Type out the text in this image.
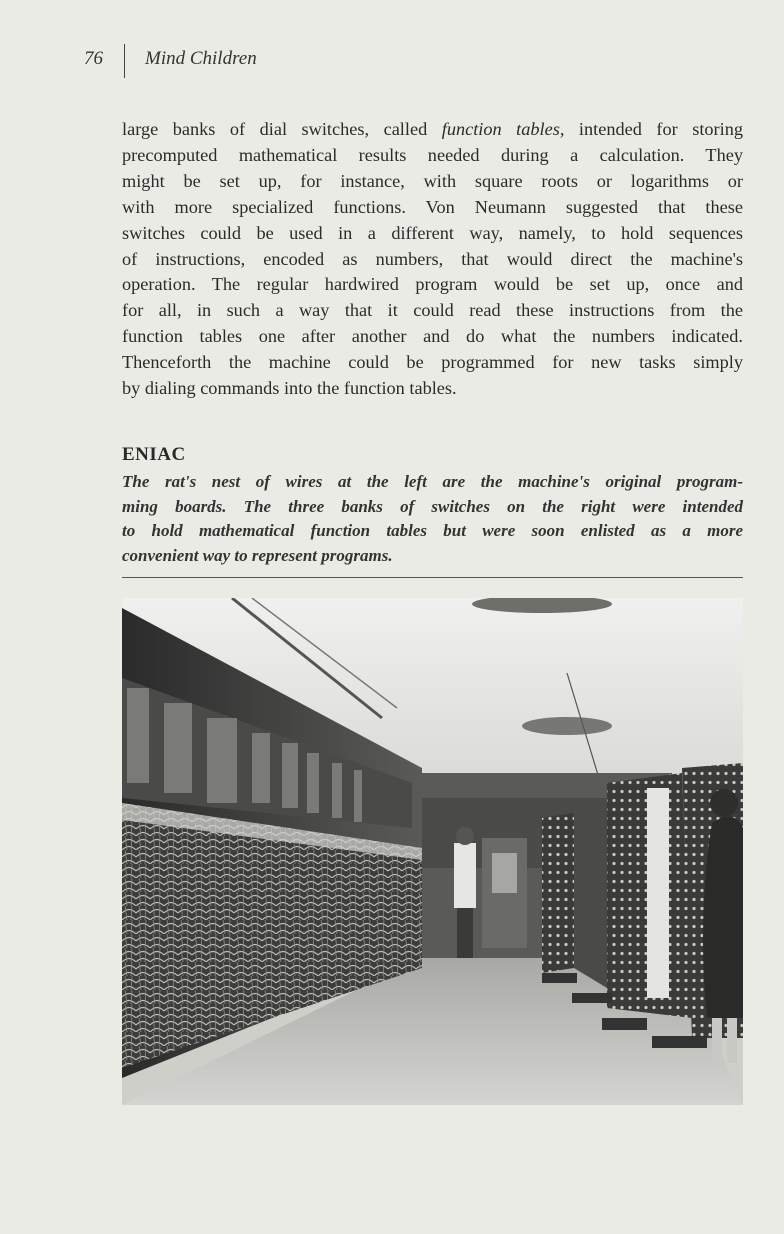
76 Mind Children
large banks of dial switches, called function tables, intended for storing
precomputed mathematical results needed during a calculation. They
might be set up, for instance, with square roots or logarithms or
with more specialized functions. Von Neumann suggested that these
switches could be used in a different way, namely, to hold sequences
of instructions, encoded as numbers, that would direct the machine's
operation. The regular hardwired program would be set up, once and
for all, in such a way that it could read these instructions from the
function tables one after another and do what the numbers indicated.
Thenceforth the machine could be programmed for new tasks simply
by dialing commands into the function tables.
ENIAC
The rat's nest of wires at the left are the machine's original program-
ming boards. The three banks of switches on the right were intended
to hold mathematical function tables but were soon enlisted as a more
convenient way to represent programs.
